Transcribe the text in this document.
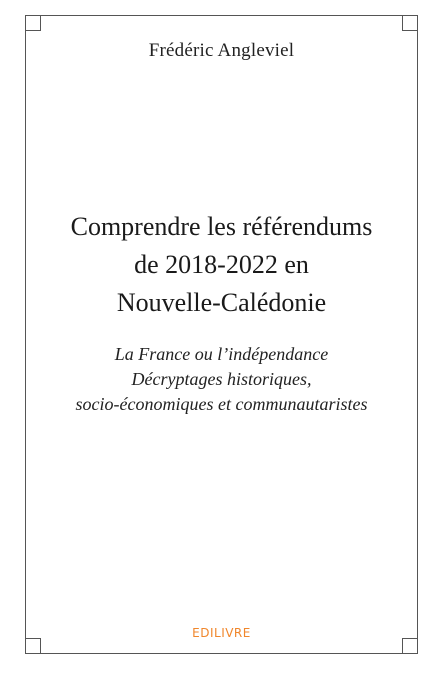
Frédéric Angleviel
Comprendre les référendums
de 2018-2022 en
Nouvelle-Calédonie
La France ou l’indépendance
Décryptages historiques,
socio-économiques et communautaristes
EDILIVRE
